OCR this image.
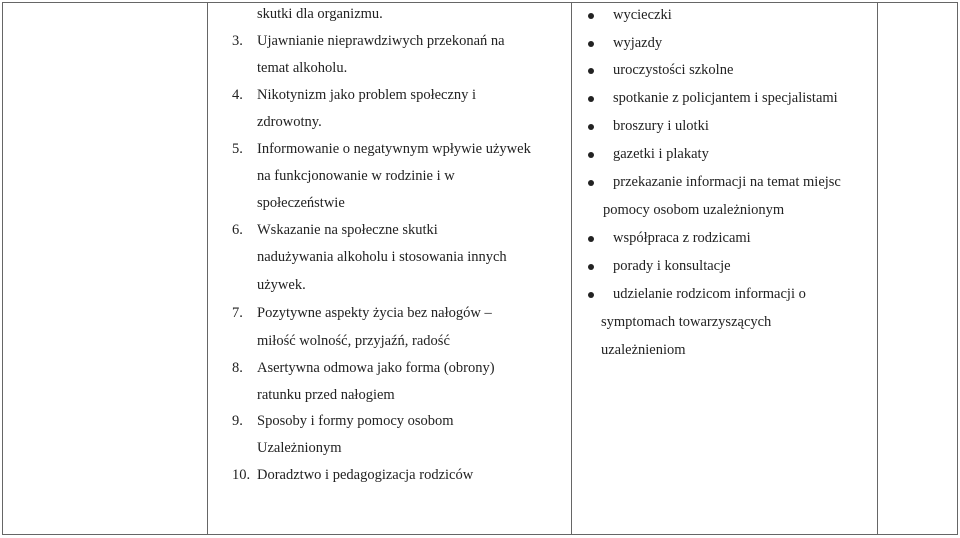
skutki dla organizmu.
3. Ujawnianie nieprawdziwych przekonań na
temat alkoholu.
4. Nikotynizm jako problem społeczny i
zdrowotny.
5. Informowanie o negatywnym wpływie używek
na funkcjonowanie w rodzinie i w
społeczeństwie
6. Wskazanie na społeczne skutki
nadużywania alkoholu i stosowania innych
używek.
7. Pozytywne aspekty życia bez nałogów –
miłość wolność, przyjaźń, radość
8. Asertywna odmowa jako forma (obrony)
ratunku przed nałogiem
9. Sposoby i formy pomocy osobom
Uzależnionym
10. Doradztwo i pedagogizacja rodziców
wycieczki
wyjazdy
uroczystości szkolne
spotkanie z policjantem i specjalistami
broszury i ulotki
gazetki i plakaty
przekazanie informacji na temat miejsc
pomocy osobom uzależnionym
współpraca z rodzicami
porady i konsultacje
udzielanie rodzicom informacji o
symptomach towarzyszących
uzależnieniom
